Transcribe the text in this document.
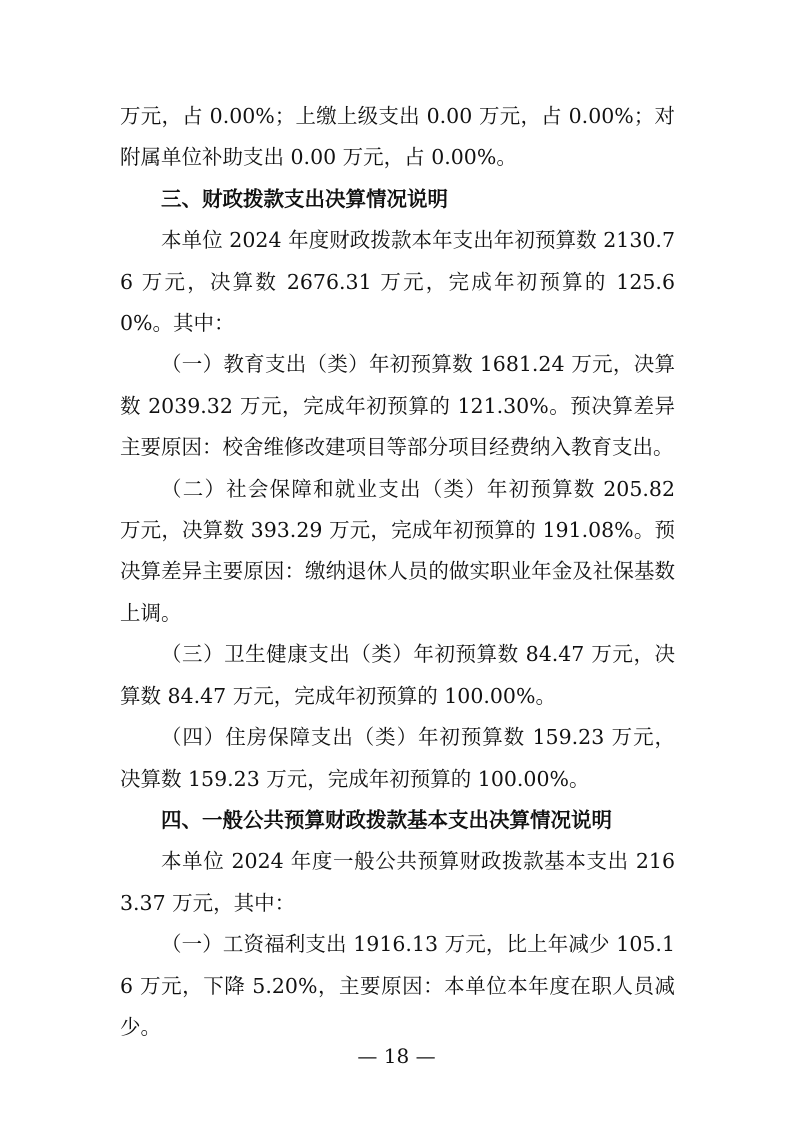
万元，占 0.00%；上缴上级支出 0.00 万元，占 0.00%；对附属单位补助支出 0.00 万元，占 0.00%。

三、财政拨款支出决算情况说明

本单位 2024 年度财政拨款本年支出年初预算数 2130.76 万元，决算数 2676.31 万元，完成年初预算的 125.60%。其中：

（一）教育支出（类）年初预算数 1681.24 万元，决算数 2039.32 万元，完成年初预算的 121.30%。预决算差异主要原因：校舍维修改建项目等部分项目经费纳入教育支出。

（二）社会保障和就业支出（类）年初预算数 205.82 万元，决算数 393.29 万元，完成年初预算的 191.08%。预决算差异主要原因：缴纳退休人员的做实职业年金及社保基数上调。

（三）卫生健康支出（类）年初预算数 84.47 万元，决算数 84.47 万元，完成年初预算的 100.00%。

（四）住房保障支出（类）年初预算数 159.23 万元，决算数 159.23 万元，完成年初预算的 100.00%。

四、一般公共预算财政拨款基本支出决算情况说明

本单位 2024 年度一般公共预算财政拨款基本支出 2163.37 万元，其中：

（一）工资福利支出 1916.13 万元，比上年减少 105.16 万元，下降 5.20%，主要原因：本单位本年度在职人员减少。

— 18 —
